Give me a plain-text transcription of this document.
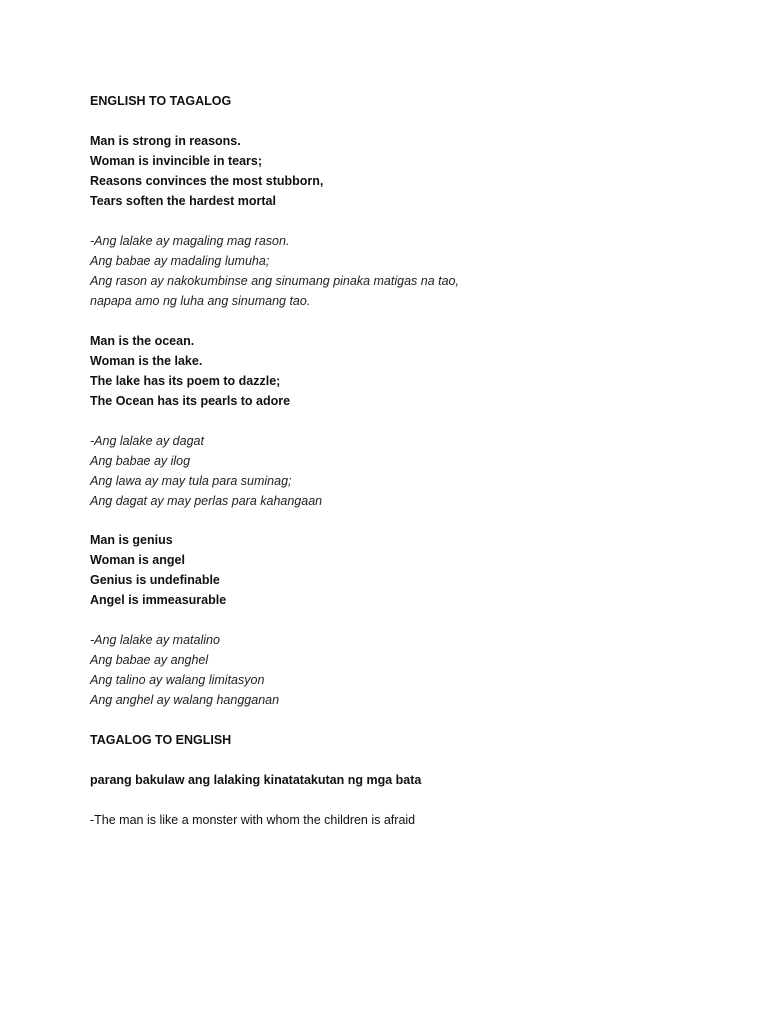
ENGLISH TO TAGALOG
Man is strong in reasons.
Woman is invincible in tears;
Reasons convinces the most stubborn,
Tears soften the hardest mortal
-Ang lalake ay magaling mag rason.
Ang babae ay madaling lumuha;
Ang rason ay nakokumbinse ang sinumang pinaka matigas na tao,
napapa amo ng luha ang sinumang tao.
Man is the ocean.
Woman is the lake.
The lake has its poem to dazzle;
The Ocean has its pearls to adore
-Ang lalake ay dagat
Ang babae ay ilog
Ang lawa ay may tula para suminag;
Ang dagat ay may perlas para kahangaan
Man is genius
Woman is angel
Genius is undefinable
Angel is immeasurable
-Ang lalake ay matalino
Ang babae ay anghel
Ang talino ay walang limitasyon
Ang anghel ay walang hangganan
TAGALOG TO ENGLISH
parang bakulaw ang lalaking kinatatakutan ng mga bata
-The man is like a monster with whom the children is afraid
